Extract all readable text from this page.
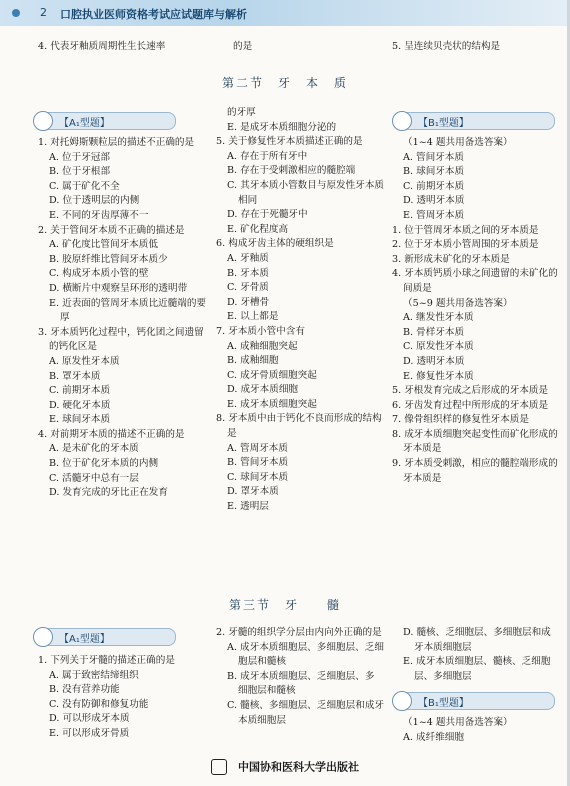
2 口腔执业医师资格考试应试题库与解析

4. 代表牙釉质周期性生长速率	的是	5. 呈连续贝壳状的结构是

第二节　牙　本　质
【A₁型题】	【B₁型题】

1. 对托姆斯颗粒层的描述不正确的是

A. 位于牙冠部

B. 位于牙根部

C. 属于矿化不全

D. 位于透明层的内侧

E. 不同的牙齿厚薄不一

2. 关于管间牙本质不正确的描述是

A. 矿化度比管间牙本质低

B. 胶原纤维比管间牙本质少

C. 构成牙本质小管的壁

D. 横断片中观察呈环形的透明带

E. 近表面的管周牙本质比近髓端的要厚

3. 牙本质钙化过程中，钙化团之间遗留的钙化区是

A. 原发性牙本质

B. 罩牙本质

C. 前期牙本质

D. 硬化牙本质

E. 球间牙本质

4. 对前期牙本质的描述不正确的是

A. 是未矿化的牙本质

B. 位于矿化牙本质的内侧

C. 活髓牙中总有一层

D. 发育完成的牙比正在发育

的牙厚

E. 是成牙本质细胞分泌的

5. 关于修复性牙本质描述正确的是

A. 存在于所有牙中

B. 存在于受刺激相应的髓腔端

C. 其牙本质小管数目与原发性牙本质相同

D. 存在于死髓牙中

E. 矿化程度高

6. 构成牙齿主体的硬组织是

A. 牙釉质

B. 牙本质

C. 牙骨质

D. 牙槽骨

E. 以上都是

7. 牙本质小管中含有

A. 成釉细胞突起

B. 成釉细胞

C. 成牙骨质细胞突起

D. 成牙本质细胞

E. 成牙本质细胞突起

8. 牙本质中由于钙化不良而形成的结构是

A. 管周牙本质

B. 管间牙本质

C. 球间牙本质

D. 罩牙本质

E. 透明层

（1~4 题共用备选答案）

A. 管间牙本质

B. 球间牙本质

C. 前期牙本质

D. 透明牙本质

E. 管周牙本质

1. 位于管周牙本质之间的牙本质是

2. 位于牙本质小管周围的牙本质是

3. 新形成未矿化的牙本质是

4. 牙本质钙质小球之间遗留的未矿化的间质是

（5~9 题共用备选答案）

A. 继发性牙本质

B. 骨样牙本质

C. 原发性牙本质

D. 透明牙本质

E. 修复性牙本质

5. 牙根发育完成之后形成的牙本质是

6. 牙齿发育过程中所形成的牙本质是

7. 像骨组织样的修复性牙本质是

8. 成牙本质细胞突起变性而矿化形成的牙本质是

9. 牙本质受刺激，相应的髓腔端形成的牙本质是

第三节　牙　　髓
【A₁型题】

1. 下列关于牙髓的描述正确的是

A. 属于致密结缔组织

B. 没有营养功能

C. 没有防御和修复功能

D. 可以形成牙本质

E. 可以形成牙骨质

2. 牙髓的组织学分层由内向外正确的是

A. 成牙本质细胞层、多细胞层、乏细胞层和髓核

B. 成牙本质细胞层、乏细胞层、多细胞层和髓核

C. 髓核、多细胞层、乏细胞层和成牙本质细胞层

D. 髓核、乏细胞层、多细胞层和成牙本质细胞层

E. 成牙本质细胞层、髓核、乏细胞层、多细胞层

【B₁型题】

（1~4 题共用备选答案）

A. 成纤维细胞

中国协和医科大学出版社
